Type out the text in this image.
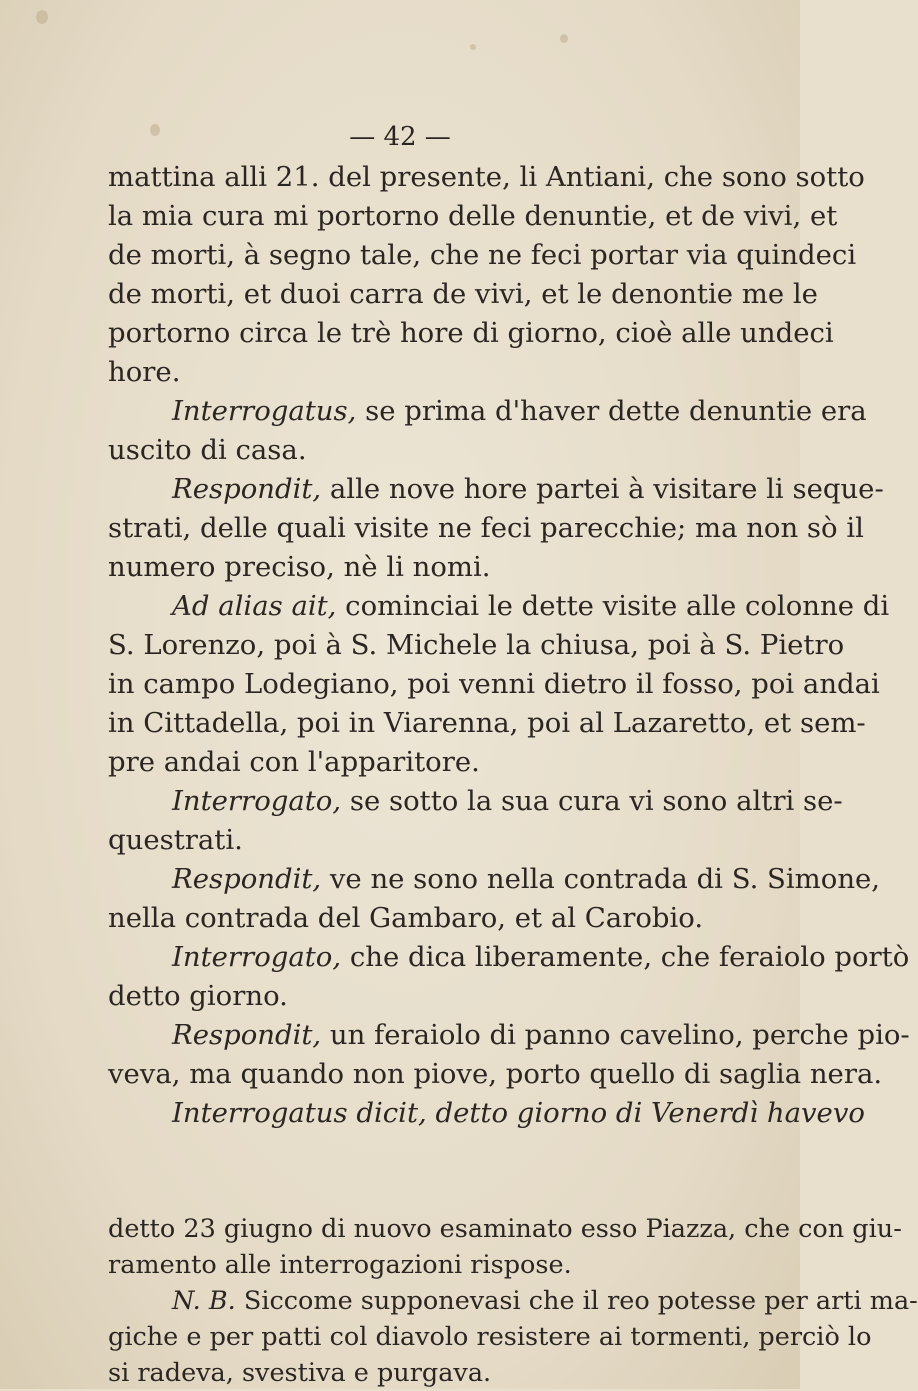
— 42 —
mattina alli 21. del presente, li Antiani, che sono sotto
la mia cura mi portorno delle denuntie, et de vivi, et
de morti, à segno tale, che ne feci portar via quindeci
de morti, et duoi carra de vivi, et le denontie me le
portorno circa le trè hore di giorno, cioè alle undeci
hore.
Interrogatus, se prima d'haver dette denuntie era
uscito di casa.
Respondit, alle nove hore partei à visitare li seque-
strati, delle quali visite ne feci parecchie; ma non sò il
numero preciso, nè li nomi.
Ad alias ait, cominciai le dette visite alle colonne di
S. Lorenzo, poi à S. Michele la chiusa, poi à S. Pietro
in campo Lodegiano, poi venni dietro il fosso, poi andai
in Cittadella, poi in Viarenna, poi al Lazaretto, et sem-
pre andai con l'apparitore.
Interrogato, se sotto la sua cura vi sono altri se-
questrati.
Respondit, ve ne sono nella contrada di S. Simone,
nella contrada del Gambaro, et al Carobio.
Interrogato, che dica liberamente, che feraiolo portò
detto giorno.
Respondit, un feraiolo di panno cavelino, perche pio-
veva, ma quando non piove, porto quello di saglia nera.
Interrogatus dicit, detto giorno di Venerdì havevo
detto 23 giugno di nuovo esaminato esso Piazza, che con giu-
ramento alle interrogazioni rispose.
N. B. Siccome supponevasi che il reo potesse per arti ma-
giche e per patti col diavolo resistere ai tormenti, perciò lo
si radeva, svestiva e purgava.
